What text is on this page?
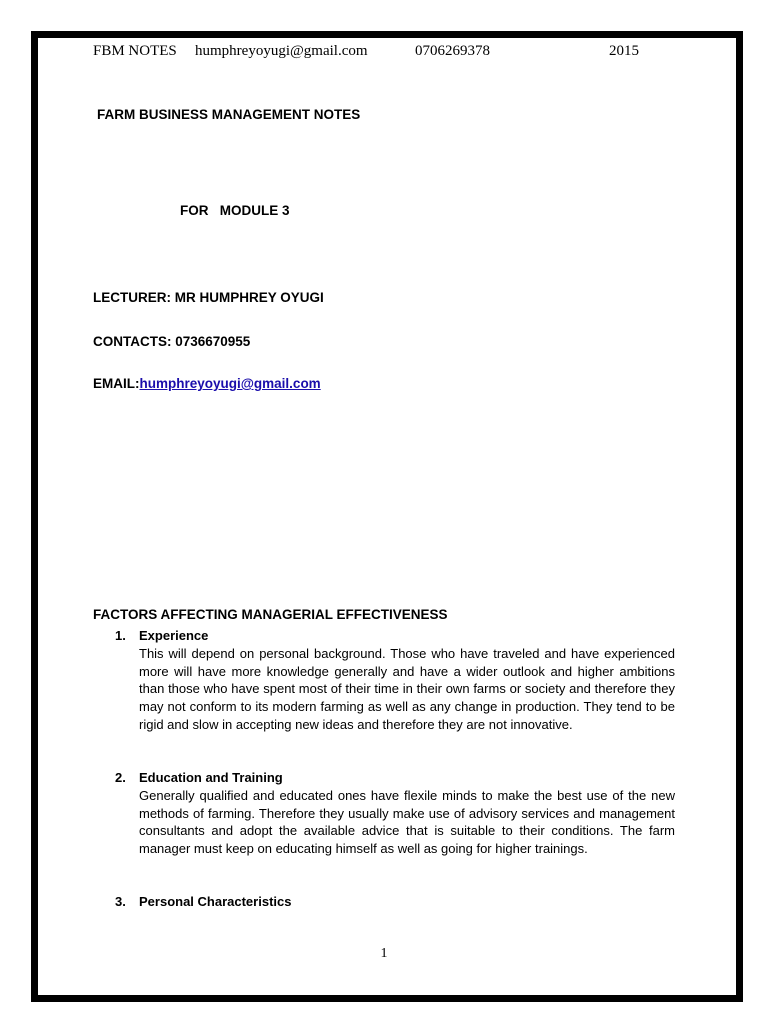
FBM NOTES humphreyoyugi@gmail.com	0706269378	2015
FARM BUSINESS MANAGEMENT NOTES
FOR   MODULE 3
LECTURER: MR HUMPHREY OYUGI
CONTACTS: 0736670955
EMAIL:humphreyoyugi@gmail.com
FACTORS AFFECTING MANAGERIAL EFFECTIVENESS
1. Experience
This will depend on personal background. Those who have traveled and have experienced more will have more knowledge generally and have a wider outlook and higher ambitions than those who have spent most of their time in their own farms or society and therefore they may not conform to its modern farming as well as any change in production. They tend to be rigid and slow in accepting new ideas and therefore they are not innovative.
2. Education and Training
Generally qualified and educated ones have flexile minds to make the best use of the new methods of farming. Therefore they usually make use of advisory services and management consultants and adopt the available advice that is suitable to their conditions. The farm manager must keep on educating himself as well as going for higher trainings.
3. Personal Characteristics
1
